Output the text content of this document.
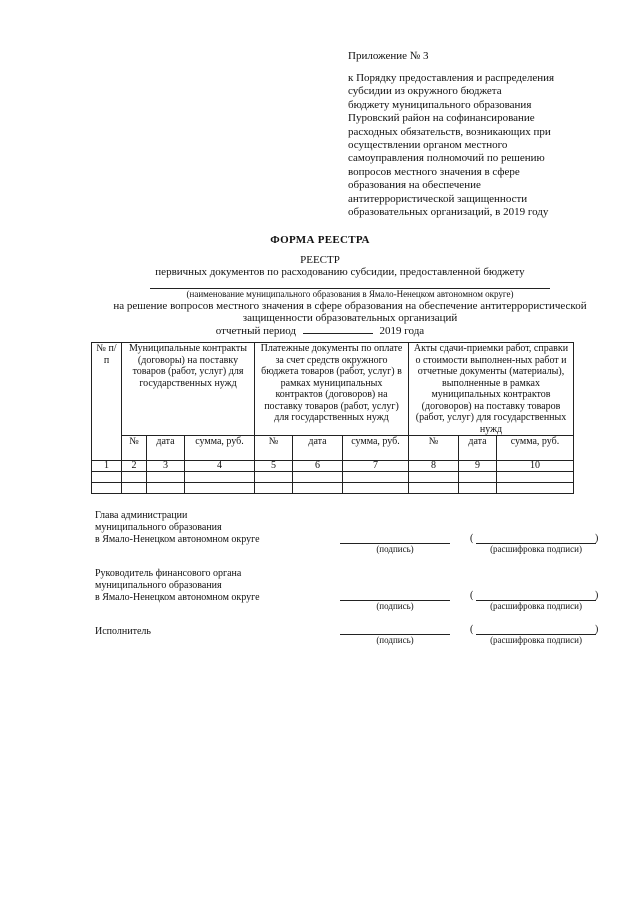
Приложение № 3
к Порядку предоставления и распределения
субсидии из окружного бюджета
бюджету муниципального образования
Пуровский район на софинансирование
расходных обязательств, возникающих при
осуществлении органом местного
самоуправления полномочий по решению
вопросов местного значения в сфере
образования на обеспечение
антитеррористической защищенности
образовательных организаций, в 2019 году
ФОРМА РЕЕСТРА
РЕЕСТР
первичных документов по расходованию субсидии, предоставленной бюджету
(наименование муниципального образования в Ямало-Ненецком автономном округе)
на решение вопросов местного значения в сфере образования на обеспечение антитеррористической защищенности образовательных организаций
отчетный период	2019 года
№ п/п	Муниципальные контракты (договоры) на поставку товаров (работ, услуг) для государственных нужд			Платежные документы по оплате за счет средств окружного бюджета товаров (работ, услуг) в рамках муниципальных контрактов (договоров) на поставку товаров (работ, услуг) для государственных нужд			Акты сдачи-приемки работ, справки о стоимости выполнен-ных работ и отчетные документы (материалы), выполненные в рамках муниципальных контрактов (договоров) на поставку товаров (работ, услуг) для государственных нужд		
	№	дата	сумма, руб.	№	дата	сумма, руб.	№	дата	сумма, руб.
1	2	3	4	5	6	7	8	9	10

Глава администрации
муниципального образования
в Ямало-Ненецком автономном округе
(подпись)
(	)
(расшифровка подписи)
Руководитель финансового органа
муниципального образования
в Ямало-Ненецком автономном округе
(подпись)
(	)
(расшифровка подписи)
Исполнитель
(подпись)
(	)
(расшифровка подписи)
